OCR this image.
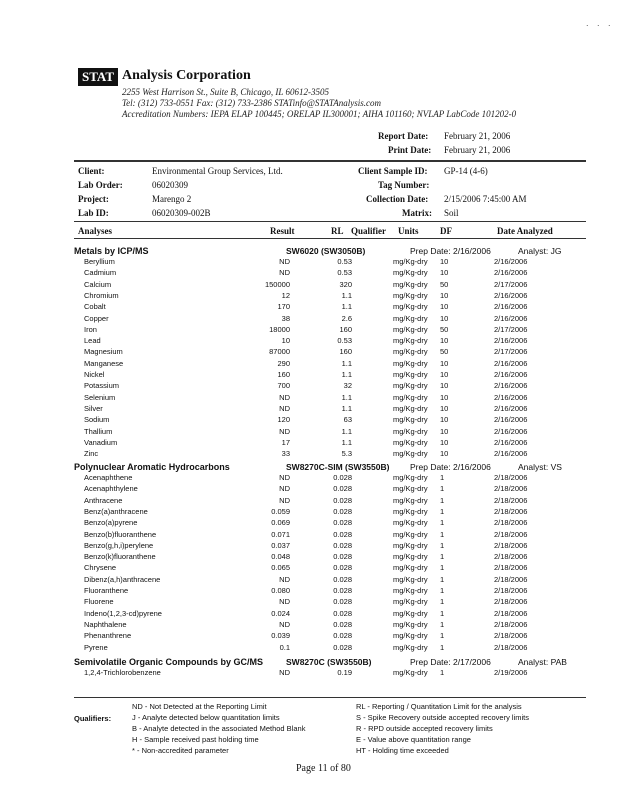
STAT Analysis Corporation
2255 West Harrison St., Suite B, Chicago, IL 60612-3505
Tel: (312) 733-0551 Fax: (312) 733-2386 STATinfo@STATAnalysis.com
Accreditation Numbers: IEPA ELAP 100445; ORELAP IL300001; AIHA 101160; NVLAP LabCode 101202-0
Report Date: February 21, 2006
Print Date: February 21, 2006
Client:	Environmental Group Services, Ltd.
Lab Order:	06020309
Project:	Marengo 2
Lab ID:	06020309-002B
Client Sample ID: GP-14 (4-6)
Tag Number:
Collection Date: 2/15/2006 7:45:00 AM
Matrix: Soil
Analyses	Result	RL Qualifier Units DF	Date Analyzed
Metals by ICP/MS	SW6020 (SW3050B)	Prep Date: 2/16/2006	Analyst: JG
Beryllium	ND	0.53	mg/Kg-dry 10	2/16/2006
Cadmium	ND	0.53	mg/Kg-dry 10	2/16/2006
Calcium	150000	320	mg/Kg-dry 50	2/17/2006
Chromium	12	1.1	mg/Kg-dry 10	2/16/2006
Cobalt	170	1.1	mg/Kg-dry 10	2/16/2006
Copper	38	2.6	mg/Kg-dry 10	2/16/2006
Iron	18000	160	mg/Kg-dry 50	2/17/2006
Lead	10	0.53	mg/Kg-dry 10	2/16/2006
Magnesium	87000	160	mg/Kg-dry 50	2/17/2006
Manganese	290	1.1	mg/Kg-dry 10	2/16/2006
Nickel	160	1.1	mg/Kg-dry 10	2/16/2006
Potassium	700	32	mg/Kg-dry 10	2/16/2006
Selenium	ND	1.1	mg/Kg-dry 10	2/16/2006
Silver	ND	1.1	mg/Kg-dry 10	2/16/2006
Sodium	120	63	mg/Kg-dry 10	2/16/2006
Thallium	ND	1.1	mg/Kg-dry 10	2/16/2006
Vanadium	17	1.1	mg/Kg-dry 10	2/16/2006
Zinc	33	5.3	mg/Kg-dry 10	2/16/2006
Polynuclear Aromatic Hydrocarbons	SW8270C-SIM (SW3550B) Prep Date: 2/16/2006	Analyst: VS
Acenaphthene	ND	0.028	mg/Kg-dry 1	2/18/2006
Acenaphthylene	ND	0.028	mg/Kg-dry 1	2/18/2006
Anthracene	ND	0.028	mg/Kg-dry 1	2/18/2006
Benz(a)anthracene	0.059	0.028	mg/Kg-dry 1	2/18/2006
Benzo(a)pyrene	0.069	0.028	mg/Kg-dry 1	2/18/2006
Benzo(b)fluoranthene	0.071	0.028	mg/Kg-dry 1	2/18/2006
Benzo(g,h,i)perylene	0.037	0.028	mg/Kg-dry 1	2/18/2006
Benzo(k)fluoranthene	0.048	0.028	mg/Kg-dry 1	2/18/2006
Chrysene	0.065	0.028	mg/Kg-dry 1	2/18/2006
Dibenz(a,h)anthracene	ND	0.028	mg/Kg-dry 1	2/18/2006
Fluoranthene	0.080	0.028	mg/Kg-dry 1	2/18/2006
Fluorene	ND	0.028	mg/Kg-dry 1	2/18/2006
Indeno(1,2,3-cd)pyrene	0.024	0.028	mg/Kg-dry 1	2/18/2006
Naphthalene	ND	0.028	mg/Kg-dry 1	2/18/2006
Phenanthrene	0.039	0.028	mg/Kg-dry 1	2/18/2006
Pyrene	0.1	0.028	mg/Kg-dry 1	2/18/2006
Semivolatile Organic Compounds by GC/MS	SW8270C (SW3550B)	Prep Date: 2/17/2006	Analyst: PAB
1,2,4-Trichlorobenzene	ND	0.19	mg/Kg-dry 1	2/19/2006
Qualifiers:
ND - Not Detected at the Reporting Limit
J - Analyte detected below quantitation limits
B - Analyte detected in the associated Method Blank
H - Sample received past holding time
* - Non-accredited parameter
RL - Reporting / Quantitation Limit for the analysis
S - Spike Recovery outside accepted recovery limits
R - RPD outside accepted recovery limits
E - Value above quantitation range
HT - Holding time exceeded
Page 11 of 80
. . .
